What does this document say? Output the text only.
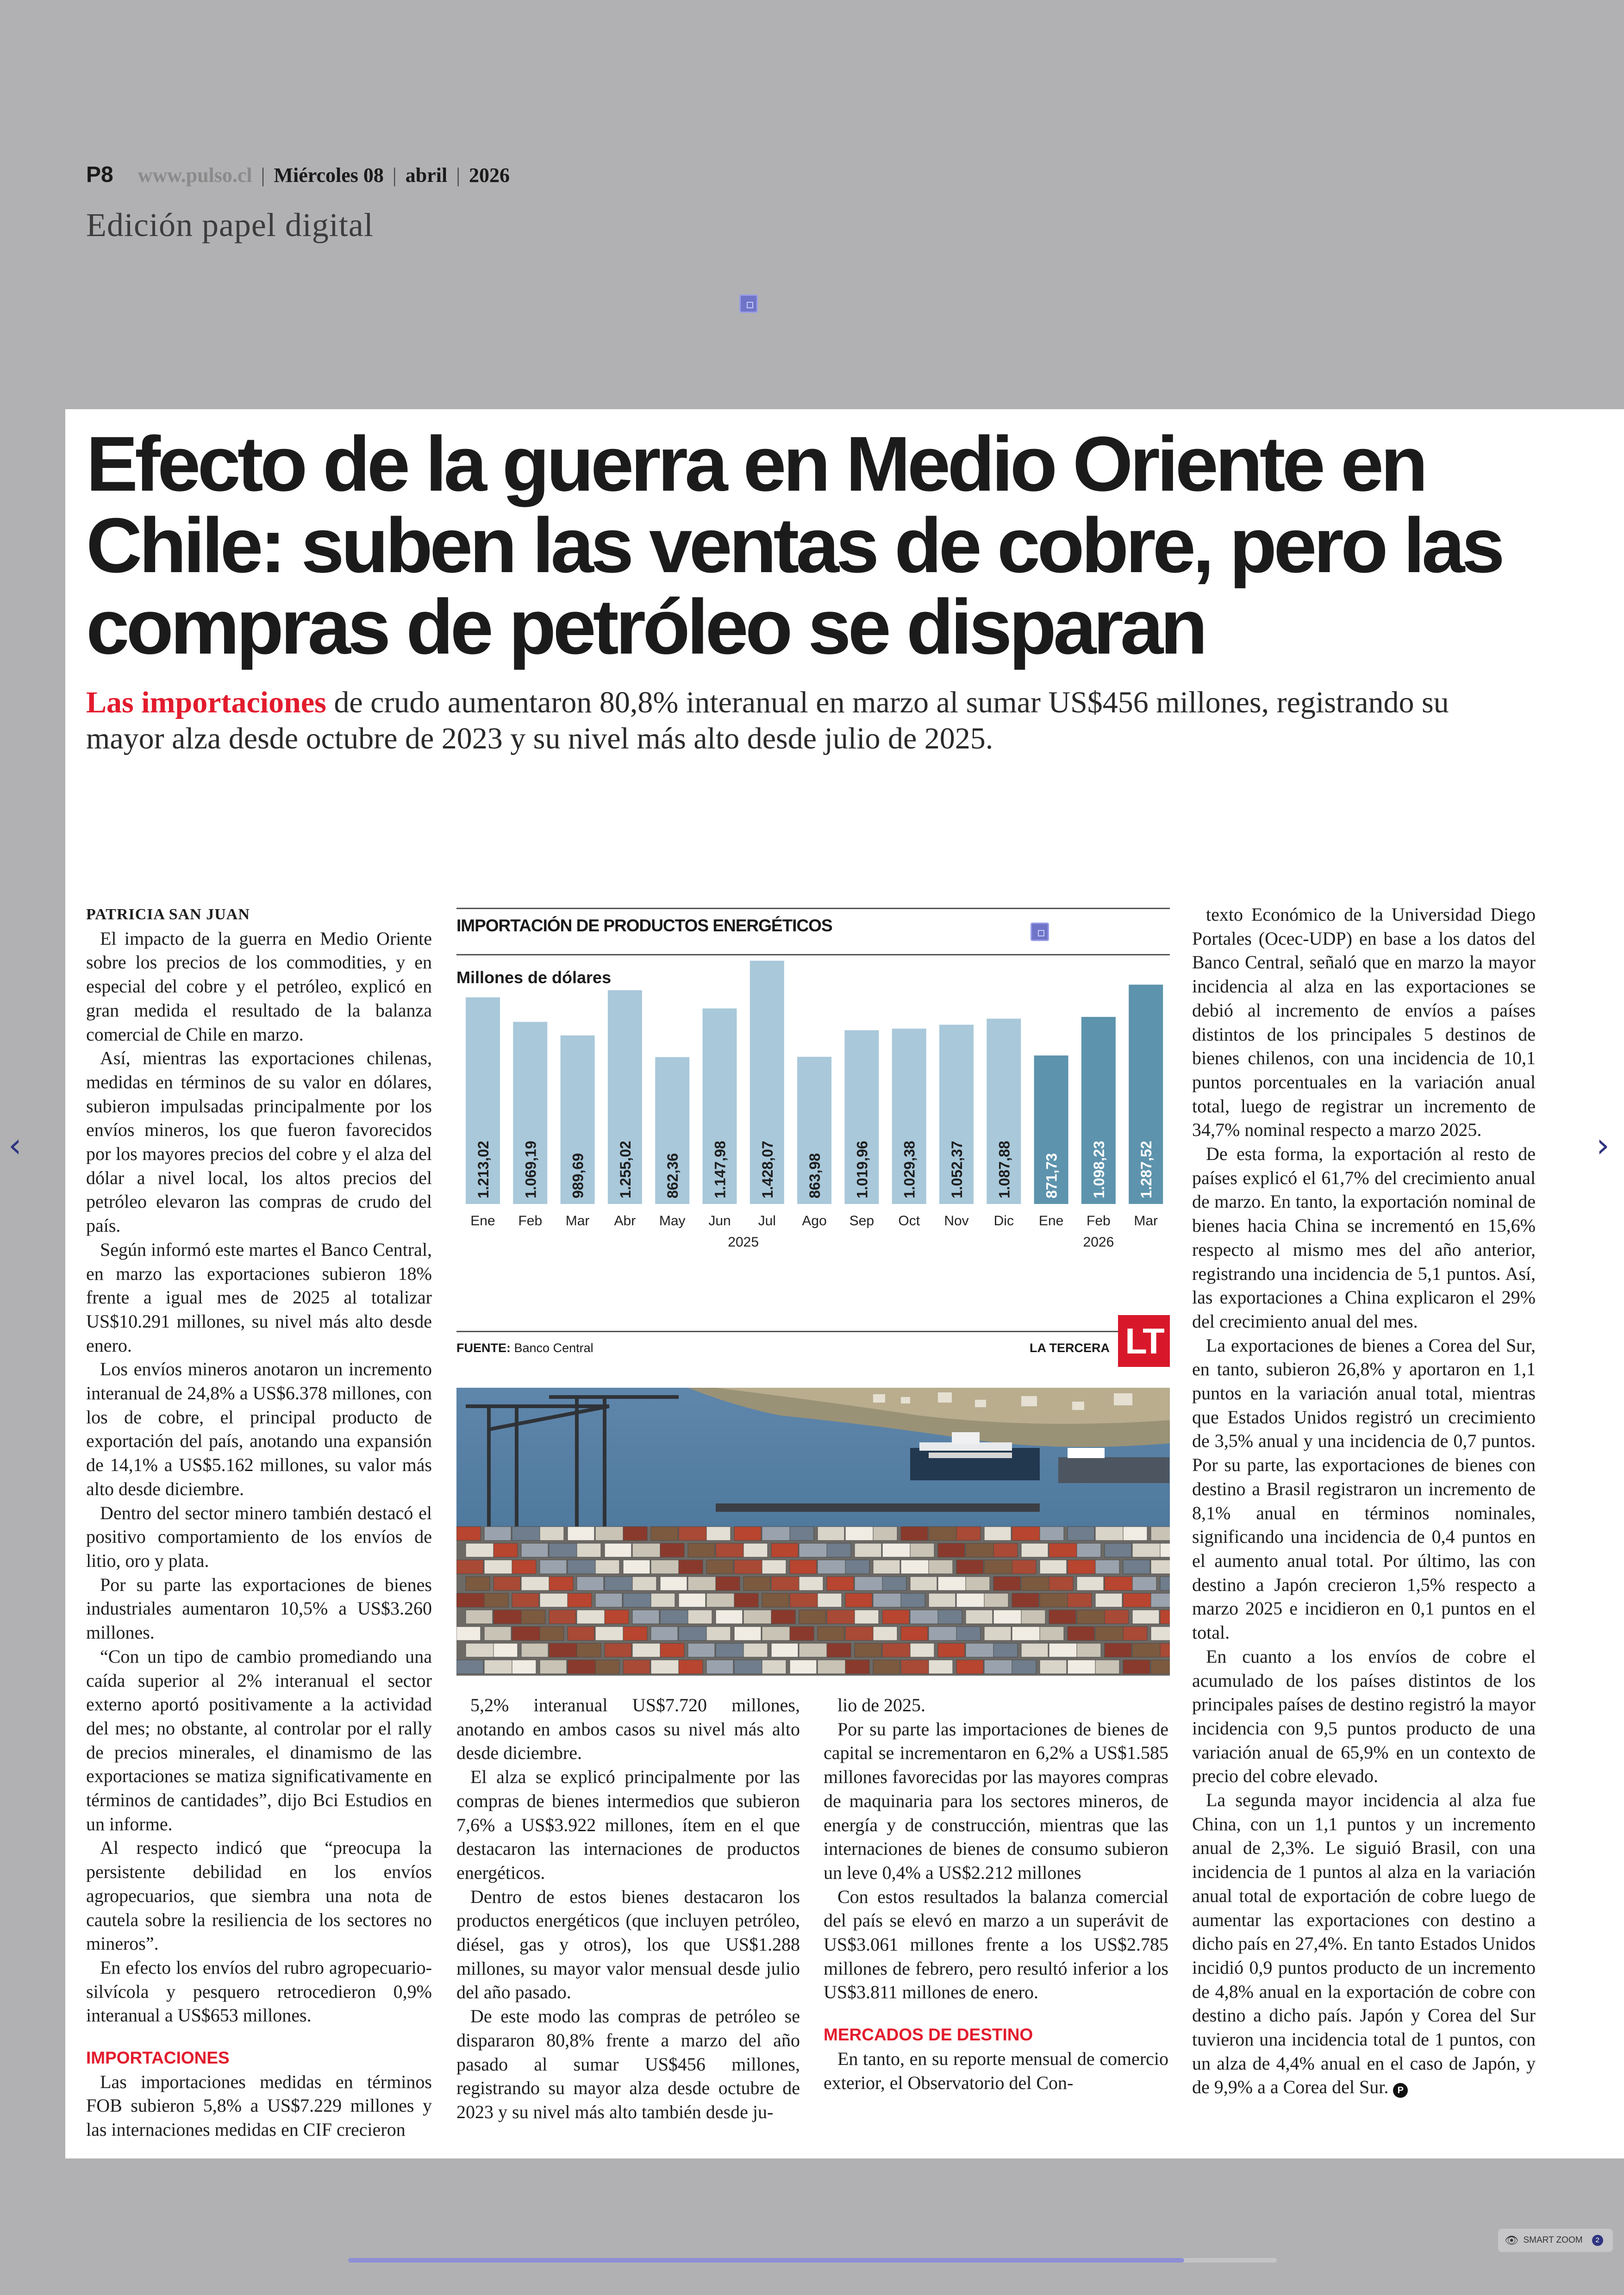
P8 www.pulso.cl | Miércoles 08 | abril | 2026
Edición papel digital
Efecto de la guerra en Medio Oriente en Chile: suben las ventas de cobre, pero las compras de petróleo se disparan

Las importaciones de crudo aumentaron 80,8% interanual en marzo al sumar US$456 millones, registrando su mayor alza desde octubre de 2023 y su nivel más alto desde julio de 2025.

PATRICIA SAN JUAN

El impacto de la guerra en Medio Oriente sobre los precios de los commodities, y en especial del cobre y el petróleo, explicó en gran medida el resultado de la balanza comercial de Chile en marzo.

Así, mientras las exportaciones chilenas, medidas en términos de su valor en dólares, subieron impulsadas principalmente por los envíos mineros, los que fueron favorecidos por los mayores precios del cobre y el alza del dólar a nivel local, los altos precios del petróleo elevaron las compras de crudo del país.

Según informó este martes el Banco Central, en marzo las exportaciones subieron 18% frente a igual mes de 2025 al totalizar US$10.291 millones, su nivel más alto desde enero.

Los envíos mineros anotaron un incremento interanual de 24,8% a US$6.378 millones, con los de cobre, el principal producto de exportación del país, anotando una expansión de 14,1% a US$5.162 millones, su valor más alto desde diciembre.

Dentro del sector minero también destacó el positivo comportamiento de los envíos de litio, oro y plata.

Por su parte las exportaciones de bienes industriales aumentaron 10,5% a US$3.260 millones.

“Con un tipo de cambio promediando una caída superior al 2% interanual el sector externo aportó positivamente a la actividad del mes; no obstante, al controlar por el rally de precios minerales, el dinamismo de las exportaciones se matiza significativamente en términos de cantidades”, dijo Bci Estudios en un informe.

Al respecto indicó que “preocupa la persistente debilidad en los envíos agropecuarios, que siembra una nota de cautela sobre la resiliencia de los sectores no mineros”.

En efecto los envíos del rubro agropecuario-silvícola y pesquero retrocedieron 0,9% interanual a US$653 millones.

IMPORTACIONES

Las importaciones medidas en términos FOB subieron 5,8% a US$7.229 millones y las internaciones medidas en CIF crecieron

IMPORTACIÓN DE PRODUCTOS ENERGÉTICOS
Millones de dólares
1.213,02
Ene
1.069,19
Feb
989,69
Mar
1.255,02
Abr
862,36
May
1.147,98
Jun
1.428,07
Jul
863,98
Ago
1.019,96
Sep
1.029,38
Oct
1.052,37
Nov
1.087,88
Dic
871,73
Ene
1.098,23
Feb
1.287,52
Mar
2025	2026
FUENTE: Banco Central	LA TERCERA LT

5,2% interanual US$7.720 millones, anotando en ambos casos su nivel más alto desde diciembre.

El alza se explicó principalmente por las compras de bienes intermedios que subieron 7,6% a US$3.922 millones, ítem en el que destacaron las internaciones de productos energéticos.

Dentro de estos bienes destacaron los productos energéticos (que incluyen petróleo, diésel, gas y otros), los que US$1.288 millones, su mayor valor mensual desde julio del año pasado.

De este modo las compras de petróleo se dispararon 80,8% frente a marzo del año pasado al sumar US$456 millones, registrando su mayor alza desde octubre de 2023 y su nivel más alto también desde ju-

lio de 2025.

Por su parte las importaciones de bienes de capital se incrementaron en 6,2% a US$1.585 millones favorecidas por las mayores compras de maquinaria para los sectores mineros, de energía y de construcción, mientras que las internaciones de bienes de consumo subieron un leve 0,4% a US$2.212 millones

Con estos resultados la balanza comercial del país se elevó en marzo a un superávit de US$3.061 millones frente a los US$2.785 millones de febrero, pero resultó inferior a los US$3.811 millones de enero.

MERCADOS DE DESTINO

En tanto, en su reporte mensual de comercio exterior, el Observatorio del Con-

texto Económico de la Universidad Diego Portales (Ocec-UDP) en base a los datos del Banco Central, señaló que en marzo la mayor incidencia al alza en las exportaciones se debió al incremento de envíos a países distintos de los principales 5 destinos de bienes chilenos, con una incidencia de 10,1 puntos porcentuales en la variación anual total, luego de registrar un incremento de 34,7% nominal respecto a marzo 2025.

De esta forma, la exportación al resto de países explicó el 61,7% del crecimiento anual de marzo. En tanto, la exportación nominal de bienes hacia China se incrementó en 15,6% respecto al mismo mes del año anterior, registrando una incidencia de 5,1 puntos. Así, las exportaciones a China explicaron el 29% del crecimiento anual del mes.

La exportaciones de bienes a Corea del Sur, en tanto, subieron 26,8% y aportaron en 1,1 puntos en la variación anual total, mientras que Estados Unidos registró un crecimiento de 3,5% anual y una incidencia de 0,7 puntos. Por su parte, las exportaciones de bienes con destino a Brasil registraron un incremento de 8,1% anual en términos nominales, significando una incidencia de 0,4 puntos en el aumento anual total. Por último, las con destino a Japón crecieron 1,5% respecto a marzo 2025 e incidieron en 0,1 puntos en el total.

En cuanto a los envíos de cobre el acumulado de los países distintos de los principales países de destino registró la mayor incidencia con 9,5 puntos producto de una variación anual de 65,9% en un contexto de precio del cobre elevado.

La segunda mayor incidencia al alza fue China, con un 1,1 puntos y un incremento anual de 2,3%. Le siguió Brasil, con una incidencia de 1 puntos al alza en la variación anual total de exportación de cobre luego de aumentar las exportaciones con destino a dicho país en 27,4%. En tanto Estados Unidos incidió 0,9 puntos producto de un incremento de 4,8% anual en la exportación de cobre con destino a dicho país. Japón y Corea del Sur tuvieron una incidencia total de 1 puntos, con un alza de 4,4% anual en el caso de Japón, y de 9,9% a a Corea del Sur. P

‹	›
👁 SMART ZOOM	2
